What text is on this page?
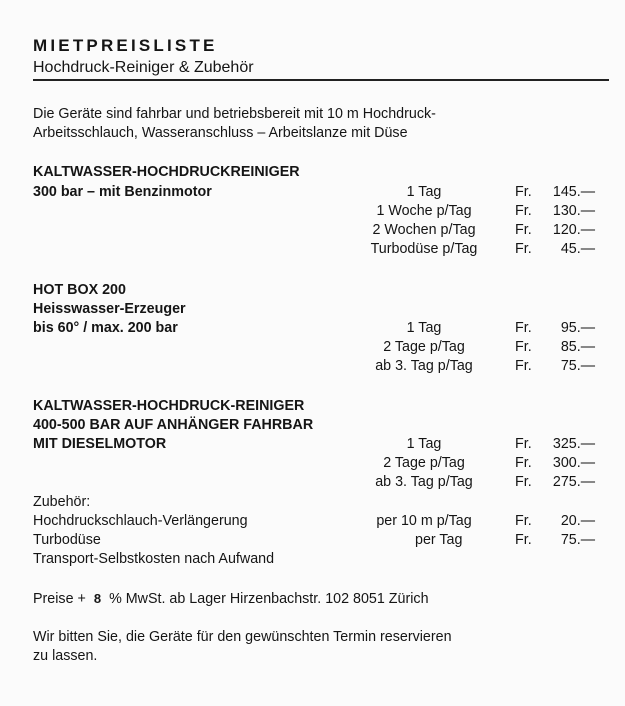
MIETPREISLISTE
Hochdruck-Reiniger & Zubehör
Die Geräte sind fahrbar und betriebsbereit mit 10 m Hochdruck-
Arbeitsschlauch, Wasseranschluss – Arbeitslanze mit Düse
KALTWASSER-HOCHDRUCKREINIGER
300 bar – mit Benzinmotor	1 Tag	Fr.	145.—
1 Woche p/Tag	Fr.	130.—
2 Wochen p/Tag	Fr.	120.—
Turbodüse p/Tag	Fr.	45.—
HOT BOX 200
Heisswasser-Erzeuger
bis 60° / max. 200 bar	1 Tag	Fr.	95.—
2 Tage p/Tag	Fr.	85.—
ab 3. Tag p/Tag	Fr.	75.—
KALTWASSER-HOCHDRUCK-REINIGER
400-500 BAR AUF ANHÄNGER FAHRBAR
MIT DIESELMOTOR	1 Tag	Fr.	325.—
2 Tage p/Tag	Fr.	300.—
ab 3. Tag p/Tag	Fr.	275.—
Zubehör:
Hochdruckschlauch-Verlängerung	per 10 m p/Tag	Fr.	20.—
Turbodüse	per Tag	Fr.	75.—
Transport-Selbstkosten nach Aufwand
Preise + 8 % MwSt. ab Lager Hirzenbachstr. 102 8051 Zürich
Wir bitten Sie, die Geräte für den gewünschten Termin reservieren
zu lassen.
